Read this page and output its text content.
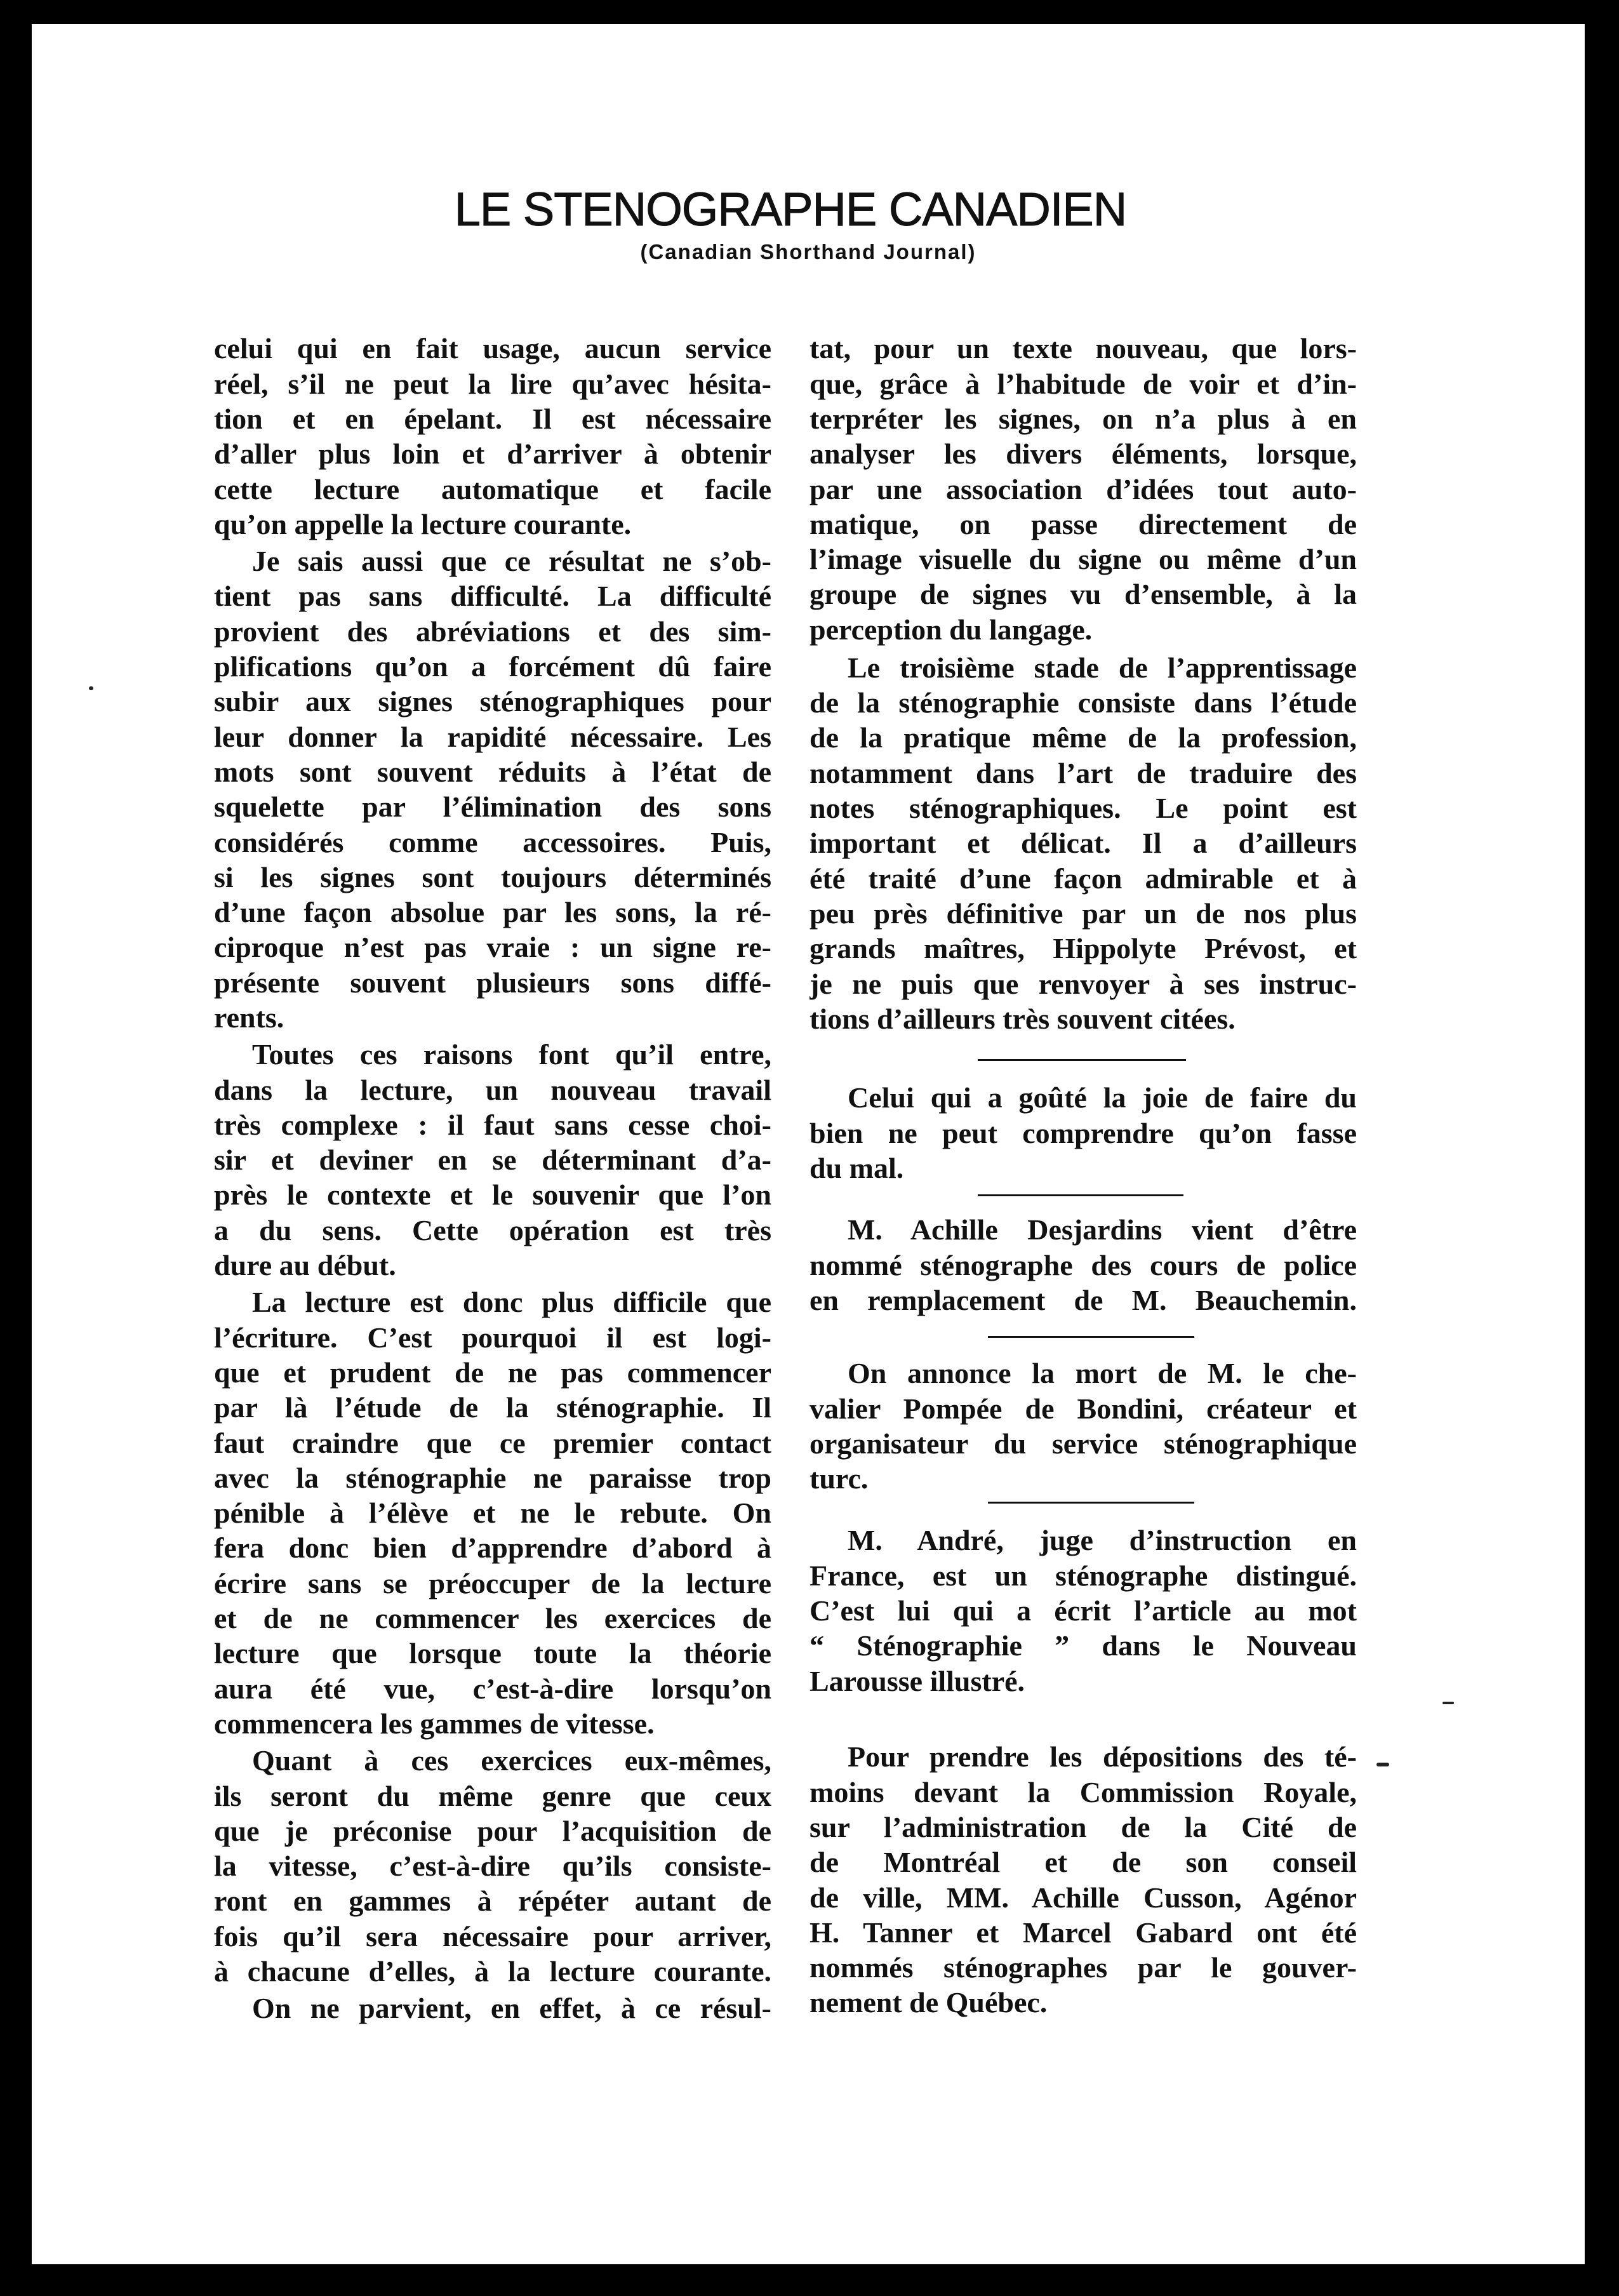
LE STENOGRAPHE CANADIEN
(Canadian Shorthand Journal)
celui qui en fait usage, aucun service
réel, s’il ne peut la lire qu’avec hésita-
tion et en épelant. Il est nécessaire
d’aller plus loin et d’arriver à obtenir
cette lecture automatique et facile
qu’on appelle la lecture courante.
Je sais aussi que ce résultat ne s’ob-
tient pas sans difficulté. La difficulté
provient des abréviations et des sim-
plifications qu’on a forcément dû faire
subir aux signes sténographiques pour
leur donner la rapidité nécessaire. Les
mots sont souvent réduits à l’état de
squelette par l’élimination des sons
considérés comme accessoires. Puis,
si les signes sont toujours déterminés
d’une façon absolue par les sons, la ré-
ciproque n’est pas vraie : un signe re-
présente souvent plusieurs sons diffé-
rents.
Toutes ces raisons font qu’il entre,
dans la lecture, un nouveau travail
très complexe : il faut sans cesse choi-
sir et deviner en se déterminant d’a-
près le contexte et le souvenir que l’on
a du sens. Cette opération est très
dure au début.
La lecture est donc plus difficile que
l’écriture. C’est pourquoi il est logi-
que et prudent de ne pas commencer
par là l’étude de la sténographie. Il
faut craindre que ce premier contact
avec la sténographie ne paraisse trop
pénible à l’élève et ne le rebute. On
fera donc bien d’apprendre d’abord à
écrire sans se préoccuper de la lecture
et de ne commencer les exercices de
lecture que lorsque toute la théorie
aura été vue, c’est-à-dire lorsqu’on
commencera les gammes de vitesse.
Quant à ces exercices eux-mêmes,
ils seront du même genre que ceux
que je préconise pour l’acquisition de
la vitesse, c’est-à-dire qu’ils consiste-
ront en gammes à répéter autant de
fois qu’il sera nécessaire pour arriver,
à chacune d’elles, à la lecture courante.
On ne parvient, en effet, à ce résul-
tat, pour un texte nouveau, que lors-
que, grâce à l’habitude de voir et d’in-
terpréter les signes, on n’a plus à en
analyser les divers éléments, lorsque,
par une association d’idées tout auto-
matique, on passe directement de
l’image visuelle du signe ou même d’un
groupe de signes vu d’ensemble, à la
perception du langage.
Le troisième stade de l’apprentissage
de la sténographie consiste dans l’étude
de la pratique même de la profession,
notamment dans l’art de traduire des
notes sténographiques. Le point est
important et délicat. Il a d’ailleurs
été traité d’une façon admirable et à
peu près définitive par un de nos plus
grands maîtres, Hippolyte Prévost, et
je ne puis que renvoyer à ses instruc-
tions d’ailleurs très souvent citées.
Celui qui a goûté la joie de faire du
bien ne peut comprendre qu’on fasse
du mal.
M. Achille Desjardins vient d’être
nommé sténographe des cours de police
en remplacement de M. Beauchemin.
On annonce la mort de M. le che-
valier Pompée de Bondini, créateur et
organisateur du service sténographique
turc.
M. André, juge d’instruction en
France, est un sténographe distingué.
C’est lui qui a écrit l’article au mot
“ Sténographie ” dans le Nouveau
Larousse illustré.
Pour prendre les dépositions des té-
moins devant la Commission Royale,
sur l’administration de la Cité de
de Montréal et de son conseil
de ville, MM. Achille Cusson, Agénor
H. Tanner et Marcel Gabard ont été
nommés sténographes par le gouver-
nement de Québec.
